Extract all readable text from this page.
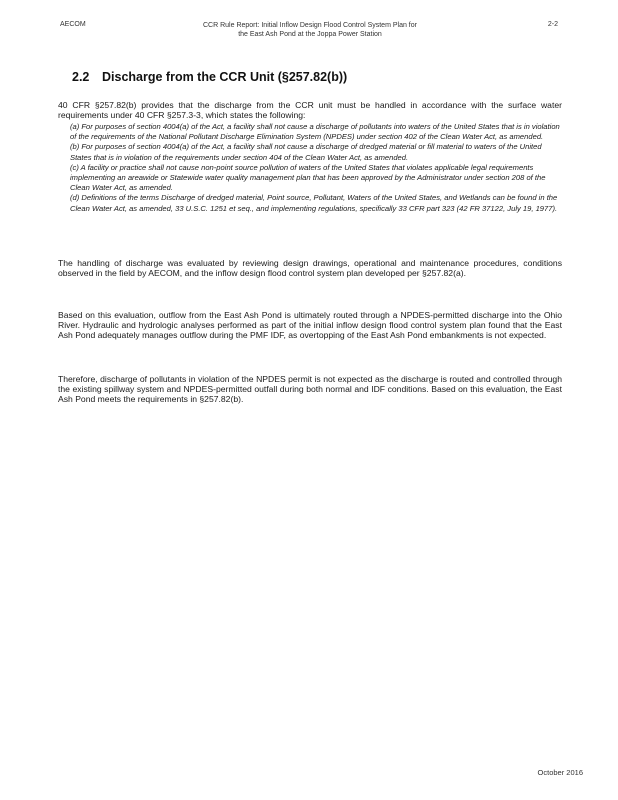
AECOM	CCR Rule Report: Initial Inflow Design Flood Control System Plan for
the East Ash Pond at the Joppa Power Station
2-2
2.2 Discharge from the CCR Unit (§257.82(b))
40 CFR §257.82(b) provides that the discharge from the CCR unit must be handled in accordance with the surface water requirements under 40 CFR §257.3-3, which states the following:

(a) For purposes of section 4004(a) of the Act, a facility shall not cause a discharge of pollutants into waters of the United States that is in violation of the requirements of the National Pollutant Discharge Elimination System (NPDES) under section 402 of the Clean Water Act, as amended.

(b) For purposes of section 4004(a) of the Act, a facility shall not cause a discharge of dredged material or fill material to waters of the United States that is in violation of the requirements under section 404 of the Clean Water Act, as amended.

(c) A facility or practice shall not cause non-point source pollution of waters of the United States that violates applicable legal requirements implementing an areawide or Statewide water quality management plan that has been approved by the Administrator under section 208 of the Clean Water Act, as amended.

(d) Definitions of the terms Discharge of dredged material, Point source, Pollutant, Waters of the United States, and Wetlands can be found in the Clean Water Act, as amended, 33 U.S.C. 1251 et seq., and implementing regulations, specifically 33 CFR part 323 (42 FR 37122, July 19, 1977).

The handling of discharge was evaluated by reviewing design drawings, operational and maintenance procedures, conditions observed in the field by AECOM, and the inflow design flood control system plan developed per §257.82(a).

Based on this evaluation, outflow from the East Ash Pond is ultimately routed through a NPDES-permitted discharge into the Ohio River. Hydraulic and hydrologic analyses performed as part of the initial inflow design flood control system plan found that the East Ash Pond adequately manages outflow during the PMF IDF, as overtopping of the East Ash Pond embankments is not expected.

Therefore, discharge of pollutants in violation of the NPDES permit is not expected as the discharge is routed and controlled through the existing spillway system and NPDES-permitted outfall during both normal and IDF conditions. Based on this evaluation, the East Ash Pond meets the requirements in §257.82(b).

October 2016
